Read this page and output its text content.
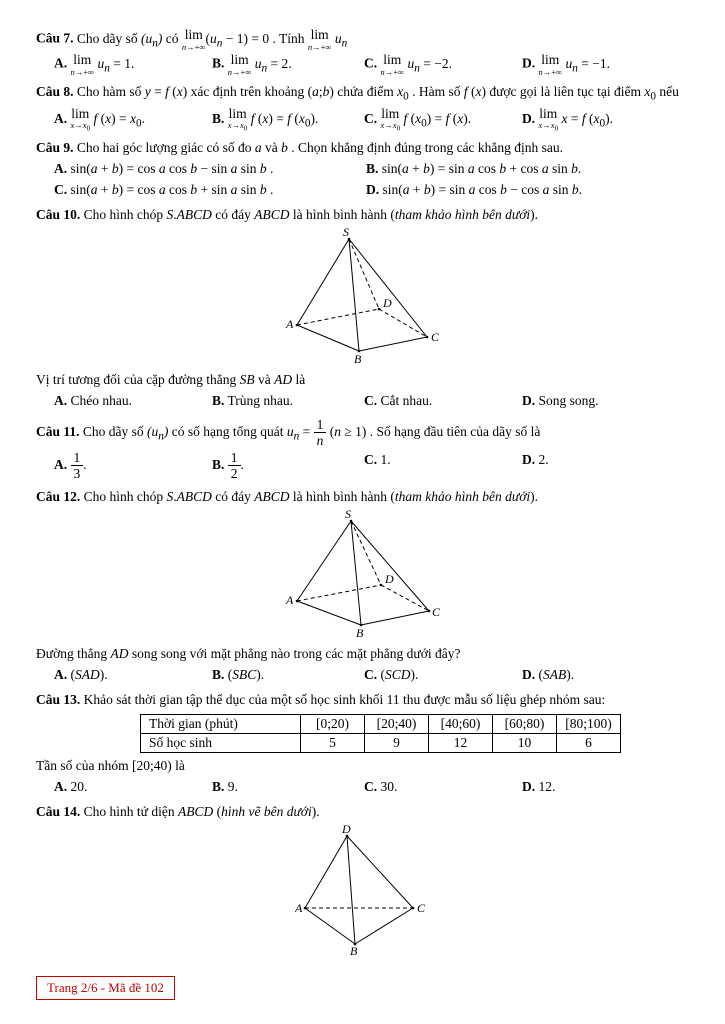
Câu 7. Cho dãy số $(u_n)$ có lim
n→+∞
$(u_n - 1) = 0$ . Tính lim
n→+∞
$u_n$

A. lim
n→+∞
$u_n = 1$.	B. lim
n→+∞
$u_n = 2$.	C. lim
n→+∞
$u_n = -2$.	D. lim
n→+∞
$u_n = -1$.

Câu 8. Cho hàm số y = f (x) xác định trên khoảng (a;b) chứa điểm $x_0$ . Hàm số f (x) được gọi là liên tục tại điểm $x_0$ nếu

A. lim
$x\to x_0$
f $(x) = x_0$.	B. lim
$x\to x_0$
f (x) = f $(x_0)$.	C. lim
$x\to x_0$
f $(x_0) = f$ (x).	D. lim
$x\to x_0$
x = f $(x_0)$.

Câu 9. Cho hai góc lượng giác có số đo a và b . Chọn khẳng định đúng trong các khẳng định sau.

A. sin(a + b) = cos a cos b − sin a sin b .	B. sin(a + b) = sin a cos b + cos a sin b.
C. sin(a + b) = cos a cos b + sin a sin b .	D. sin(a + b) = sin a cos b − cos a sin b.

Câu 10. Cho hình chóp S.ABCD có đáy ABCD là hình bình hành (tham khảo hình bên dưới).

S
A
B
C
D

Vị trí tương đối của cặp đường thẳng SB và AD là

A. Chéo nhau.	B. Trùng nhau.	C. Cắt nhau.	D. Song song.

Câu 11. Cho dãy số $(u_n)$ có số hạng tổng quát $u_n = \frac{1}{n} (n \ge 1)$ . Số hạng đầu tiên của dãy số là

A. $\frac{1}{3}$ .	B. $\frac{1}{2}$ .	C. 1.	D. 2.

Câu 12. Cho hình chóp S.ABCD có đáy ABCD là hình bình hành (tham khảo hình bên dưới).

S
A
B
C
D

Đường thẳng AD song song với mặt phẳng nào trong các mặt phẳng dưới đây?

A. (SAD).	B. (SBC).	C. (SCD).	D. (SAB).

Câu 13. Khảo sát thời gian tập thể dục của một số học sinh khối 11 thu được mẫu số liệu ghép nhóm sau:

Thời gian (phút)	[0;20)	[20;40)	[40;60)	[60;80)	[80;100)
Số học sinh	5	9	12	10	6

Tần số của nhóm [20;40) là

A. 20.	B. 9.	C. 30.	D. 12.

Câu 14. Cho hình tứ diện ABCD (hình vẽ bên dưới).

D
A	C
B
Trang 2/6 - Mã đề 102
